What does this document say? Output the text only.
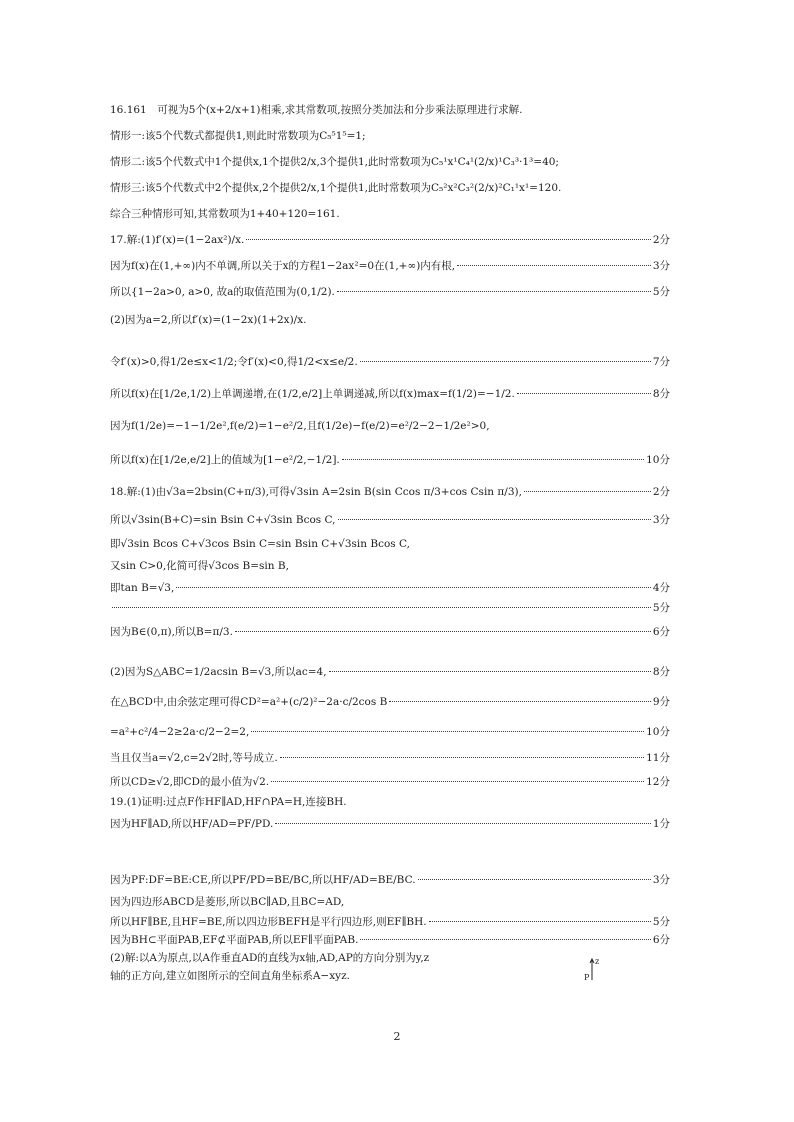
16.161　可视为5个(x+2/x+1)相乘,求其常数项,按照分类加法和分步乘法原理进行求解.
情形一:该5个代数式都提供1,则此时常数项为C₅⁵1⁵=1;
情形二:该5个代数式中1个提供x,1个提供2/x,3个提供1,此时常数项为C₅¹x¹C₄¹(2/x)¹C₃³·1³=40;
情形三:该5个代数式中2个提供x,2个提供2/x,1个提供1,此时常数项为C₅²x²C₃²(2/x)²C₁¹x¹=120.
综合三种情形可知,其常数项为1+40+120=161.
17.解:(1)f′(x)=(1−2ax²)/x.	2分
因为f(x)在(1,+∞)内不单调,所以关于x的方程1−2ax²=0在(1,+∞)内有根,	3分
所以{1−2a>0, a>0, 故a的取值范围为(0,1/2).	5分
(2)因为a=2,所以f′(x)=(1−2x)(1+2x)/x.
令f′(x)>0,得1/2e≤x<1/2;令f′(x)<0,得1/2<x≤e/2.	7分
所以f(x)在[1/2e,1/2)上单调递增,在(1/2,e/2]上单调递减,所以f(x)max=f(1/2)=−1/2.	8分
因为f(1/2e)=−1−1/2e²,f(e/2)=1−e²/2,且f(1/2e)−f(e/2)=e²/2−2−1/2e²>0,
所以f(x)在[1/2e,e/2]上的值域为[1−e²/2,−1/2].	10分
18.解:(1)由√3a=2bsin(C+π/3),可得√3sin A=2sin B(sin Ccos π/3+cos Csin π/3),	2分
所以√3sin(B+C)=sin Bsin C+√3sin Bcos C,	3分
即√3sin Bcos C+√3cos Bsin C=sin Bsin C+√3sin Bcos C,
又sin C>0,化简可得√3cos B=sin B,
即tan B=√3,	4分
5分
因为B∈(0,π),所以B=π/3.	6分
(2)因为S△ABC=1/2acsin B=√3,所以ac=4,	8分
在△BCD中,由余弦定理可得CD²=a²+(c/2)²−2a·c/2cos B	9分
=a²+c²/4−2≥2a·c/2−2=2,	10分
当且仅当a=√2,c=2√2时,等号成立.	11分
所以CD≥√2,即CD的最小值为√2.	12分
19.(1)证明:过点F作HF∥AD,HF∩PA=H,连接BH.
因为HF∥AD,所以HF/AD=PF/PD.	1分
因为PF:DF=BE:CE,所以PF/PD=BE/BC,所以HF/AD=BE/BC.	3分
因为四边形ABCD是菱形,所以BC∥AD,且BC=AD,
所以HF∥BE,且HF=BE,所以四边形BEFH是平行四边形,则EF∥BH.	5分
因为BH⊂平面PAB,EF⊄平面PAB,所以EF∥平面PAB.	6分
(2)解:以A为原点,以A作垂直AD的直线为x轴,AD,AP的方向分别为y,z
轴的正方向,建立如图所示的空间直角坐标系A−xyz.
z
P
2
